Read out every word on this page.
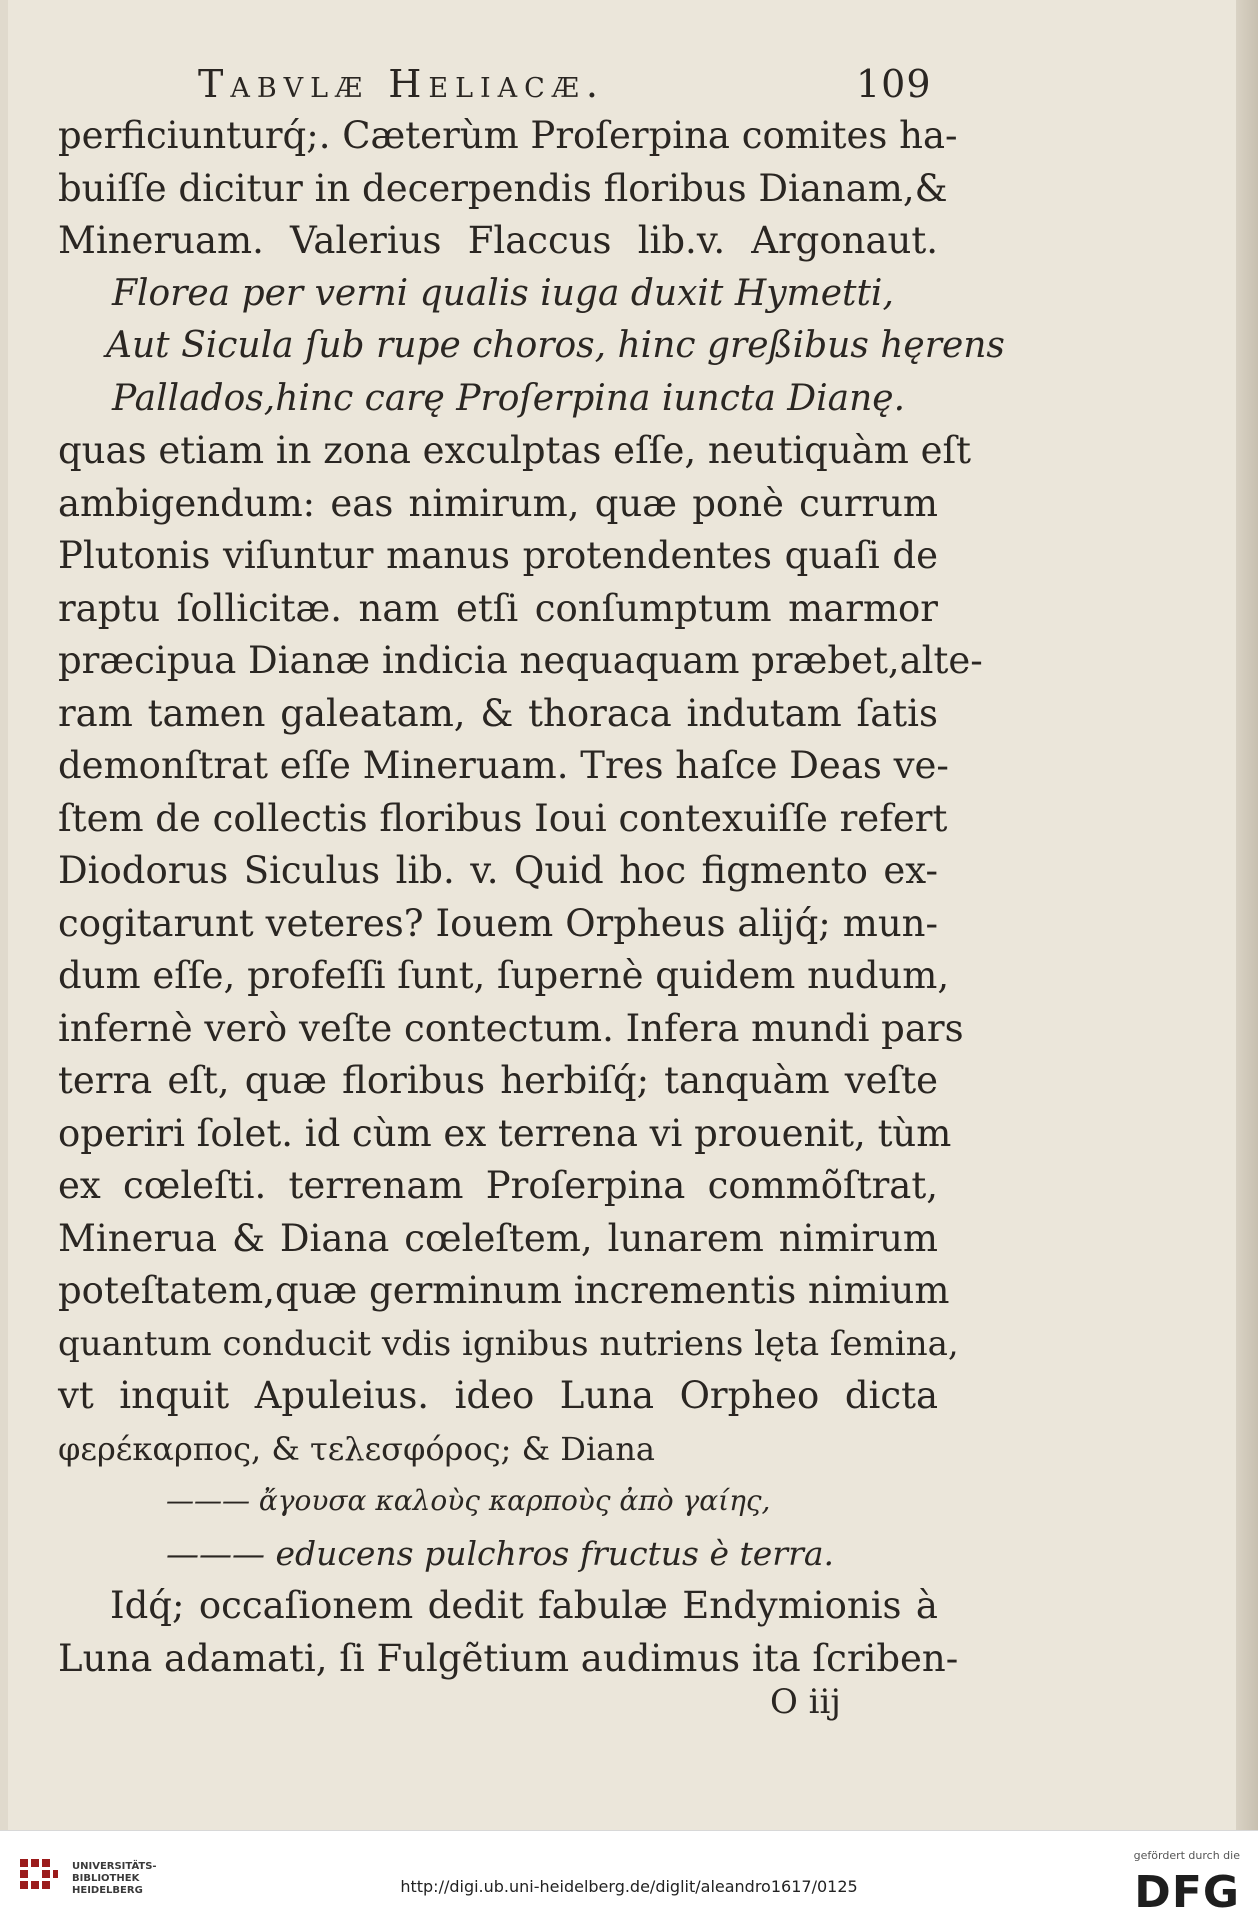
Tabvlæ Heliacæ.	109
perficiunturq́;. Cæterùm Proſerpina comites ha-
buiſſe dicitur in decerpendis floribus Dianam,&
Mineruam. Valerius Flaccus lib.v. Argonaut.
Florea per verni qualis iuga duxit Hymetti,
Aut Sicula ſub rupe choros, hinc greßibus hęrens
Pallados,hinc carę Proſerpina iuncta Dianę.
quas etiam in zona exculptas eſſe, neutiquàm eſt
ambigendum: eas nimirum, quæ ponè currum
Plutonis viſuntur manus protendentes quaſi de
raptu ſollicitæ. nam etſi conſumptum marmor
præcipua Dianæ indicia nequaquam præbet,alte-
ram tamen galeatam, & thoraca indutam ſatis
demonſtrat eſſe Mineruam. Tres haſce Deas ve-
ſtem de collectis floribus Ioui contexuiſſe refert
Diodorus Siculus lib. v. Quid hoc figmento ex-
cogitarunt veteres? Iouem Orpheus alijq́; mun-
dum eſſe, profeſſi ſunt, ſupernè quidem nudum,
infernè verò veſte contectum. Infera mundi pars
terra eſt, quæ floribus herbiſq́; tanquàm veſte
operiri ſolet. id cùm ex terrena vi prouenit, tùm
ex cœleſti. terrenam Proſerpina commõſtrat,
Minerua & Diana cœleſtem, lunarem nimirum
poteſtatem,quæ germinum incrementis nimium
quantum conducit vdis ignibus nutriens lęta ſemina,
vt inquit Apuleius. ideo Luna Orpheo dicta
φερέκαρπος, & τελεσφόρος; & Diana
——— ἄγουσα καλοὺς καρποὺς ἀπὸ γαίης,
——— educens pulchros fructus è terra.
Idq́; occaſionem dedit fabulæ Endymionis à
Luna adamati, ſi Fulgẽtium audimus ita ſcriben-
O iij
UNIVERSITÄTS-
BIBLIOTHEK
HEIDELBERG	http://digi.ub.uni-heidelberg.de/diglit/aleandro1617/0125
gefördert durch die
DFG
